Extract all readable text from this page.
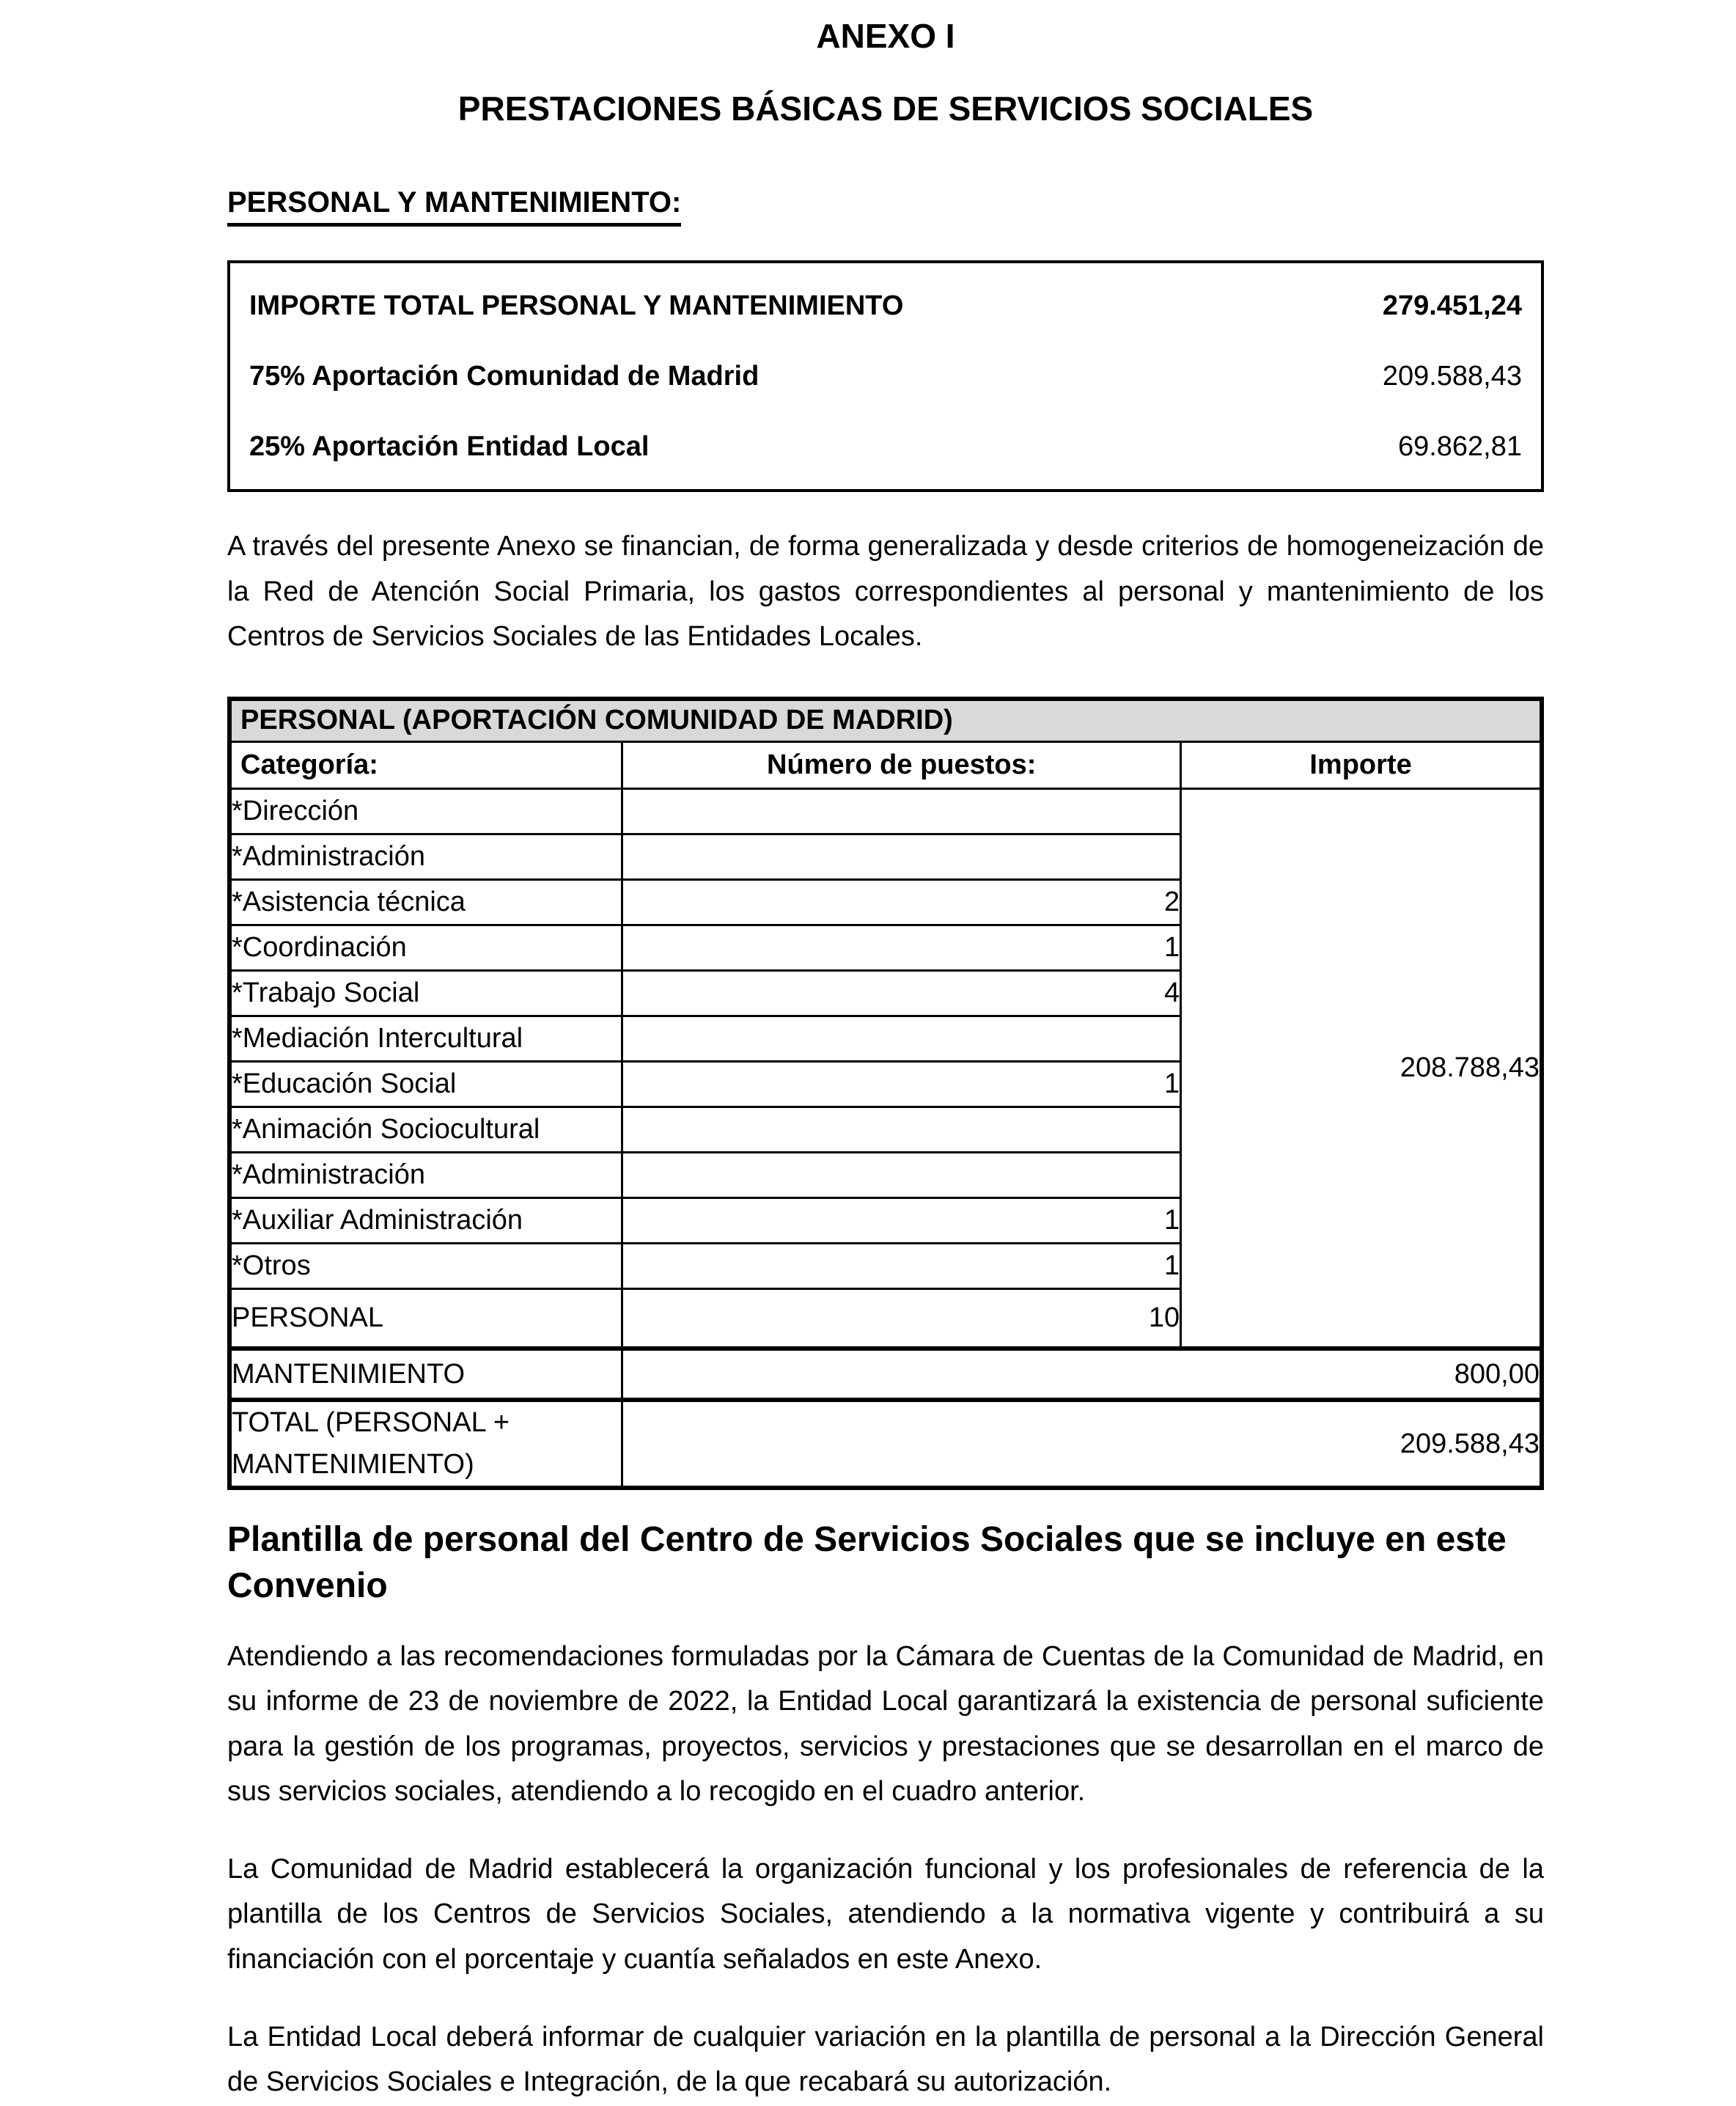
ANEXO I
PRESTACIONES BÁSICAS DE SERVICIOS SOCIALES
PERSONAL Y MANTENIMIENTO:
IMPORTE TOTAL PERSONAL Y MANTENIMIENTO	279.451,24
75% Aportación Comunidad de Madrid	209.588,43
25% Aportación Entidad Local	69.862,81

A través del presente Anexo se financian, de forma generalizada y desde criterios de homogeneización de la Red de Atención Social Primaria, los gastos correspondientes al personal y mantenimiento de los Centros de Servicios Sociales de las Entidades Locales.

PERSONAL (APORTACIÓN COMUNIDAD DE MADRID)		
Categoría:	Número de puestos:	Importe
*Dirección		208.788,43
*Administración		
*Asistencia técnica	2	
*Coordinación	1	
*Trabajo Social	4	
*Mediación Intercultural		
*Educación Social	1	
*Animación Sociocultural		
*Administración		
*Auxiliar Administración	1	
*Otros	1	
PERSONAL	10	
MANTENIMIENTO	800,00	
TOTAL (PERSONAL + MANTENIMIENTO)	209.588,43	
Plantilla de personal del Centro de Servicios Sociales que se incluye en este Convenio

Atendiendo a las recomendaciones formuladas por la Cámara de Cuentas de la Comunidad de Madrid, en su informe de 23 de noviembre de 2022, la Entidad Local garantizará la existencia de personal suficiente para la gestión de los programas, proyectos, servicios y prestaciones que se desarrollan en el marco de sus servicios sociales, atendiendo a lo recogido en el cuadro anterior.

La Comunidad de Madrid establecerá la organización funcional y los profesionales de referencia de la plantilla de los Centros de Servicios Sociales, atendiendo a la normativa vigente y contribuirá a su financiación con el porcentaje y cuantía señalados en este Anexo.

La Entidad Local deberá informar de cualquier variación en la plantilla de personal a la Dirección General de Servicios Sociales e Integración, de la que recabará su autorización.
